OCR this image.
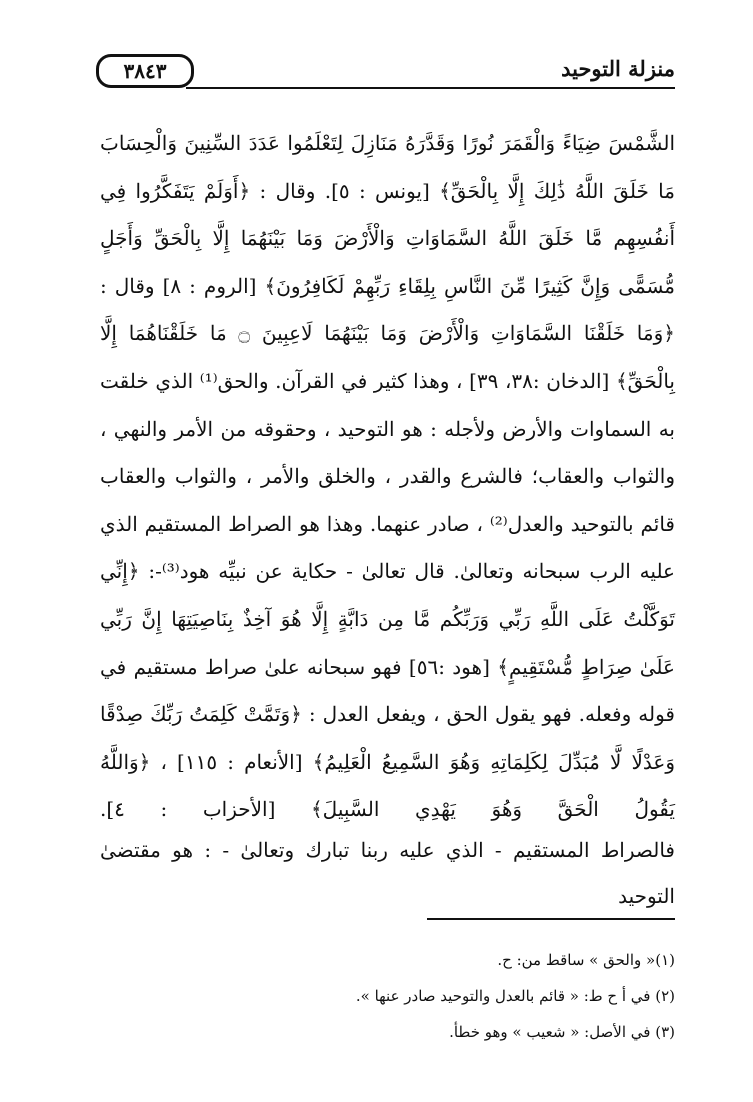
منزلة التوحيد
٣٨٤٣

الشَّمْسَ ضِيَاءً وَالْقَمَرَ نُورًا وَقَدَّرَهُ مَنَازِلَ لِتَعْلَمُوا عَدَدَ السِّنِينَ وَالْحِسَابَ مَا خَلَقَ اللَّهُ ذَٰلِكَ إِلَّا بِالْحَقِّ﴾ [يونس : ٥]. وقال : ﴿أَوَلَمْ يَتَفَكَّرُوا فِي أَنفُسِهِم مَّا خَلَقَ اللَّهُ السَّمَاوَاتِ وَالْأَرْضَ وَمَا بَيْنَهُمَا إِلَّا بِالْحَقِّ وَأَجَلٍ مُّسَمًّى وَإِنَّ كَثِيرًا مِّنَ النَّاسِ بِلِقَاءِ رَبِّهِمْ لَكَافِرُونَ﴾ [الروم : ٨] وقال : ﴿وَمَا خَلَقْنَا السَّمَاوَاتِ وَالْأَرْضَ وَمَا بَيْنَهُمَا لَاعِبِينَ ۝ مَا خَلَقْنَاهُمَا إِلَّا بِالْحَقِّ﴾ [الدخان :٣٨، ٣٩] ، وهذا كثير في القرآن. والحق⁽¹⁾ الذي خلقت به السماوات والأرض ولأجله : هو التوحيد ، وحقوقه من الأمر والنهي ، والثواب والعقاب؛ فالشرع والقدر ، والخلق والأمر ، والثواب والعقاب قائم بالتوحيد والعدل⁽²⁾ ، صادر عنهما. وهذا هو الصراط المستقيم الذي عليه الرب سبحانه وتعالىٰ. قال تعالىٰ - حكاية عن نبيِّه هود⁽³⁾-: ﴿إِنِّي تَوَكَّلْتُ عَلَى اللَّهِ رَبِّي وَرَبِّكُم مَّا مِن دَابَّةٍ إِلَّا هُوَ آخِذٌ بِنَاصِيَتِهَا إِنَّ رَبِّي عَلَىٰ صِرَاطٍ مُّسْتَقِيمٍ﴾ [هود :٥٦] فهو سبحانه علىٰ صراط مستقيم في قوله وفعله. فهو يقول الحق ، ويفعل العدل : ﴿وَتَمَّتْ كَلِمَتُ رَبِّكَ صِدْقًا وَعَدْلًا لَّا مُبَدِّلَ لِكَلِمَاتِهِ وَهُوَ السَّمِيعُ الْعَلِيمُ﴾ [الأنعام : ١١٥] ، ﴿وَاللَّهُ يَقُولُ الْحَقَّ وَهُوَ يَهْدِي السَّبِيلَ﴾ [الأحزاب : ٤].

فالصراط المستقيم - الذي عليه ربنا تبارك وتعالىٰ - : هو مقتضىٰ التوحيد

(١)« والحق » ساقط من: ح.
(٢) في أ ح ط: « قائم بالعدل والتوحيد صادر عنها ».
(٣) في الأصل: « شعيب » وهو خطأ.
